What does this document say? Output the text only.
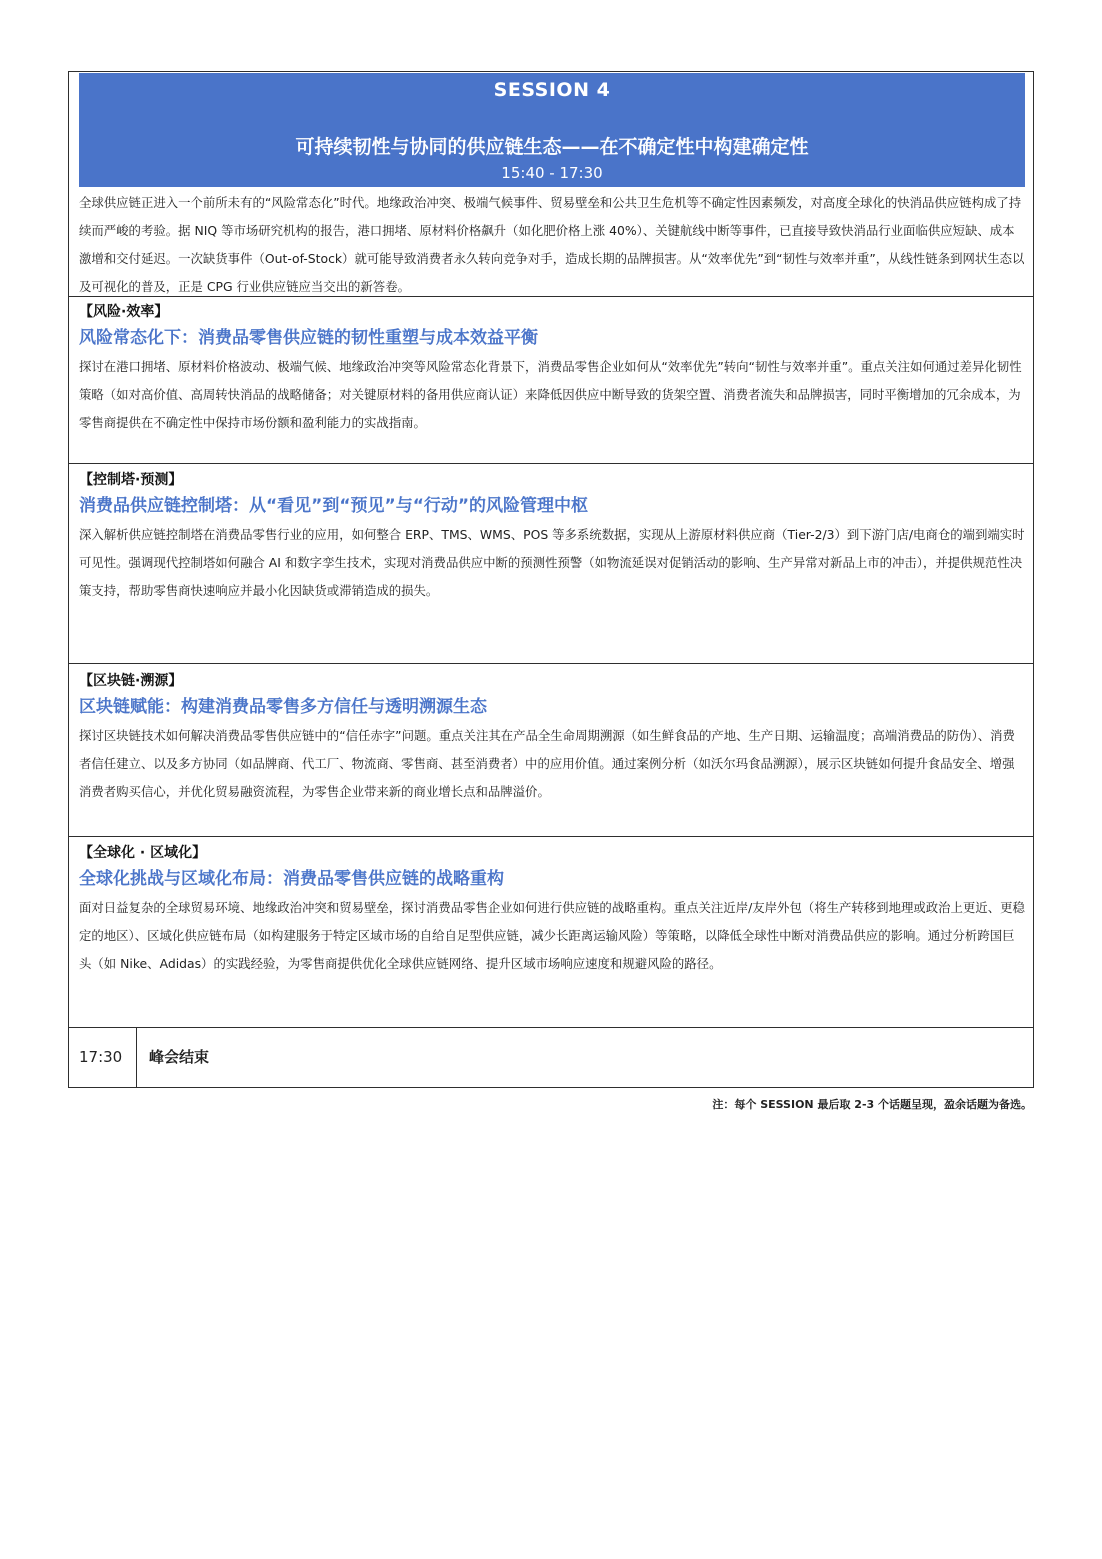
SESSION 4
可持续韧性与协同的供应链生态——在不确定性中构建确定性
15:40 - 17:30
全球供应链正进入一个前所未有的“风险常态化”时代。地缘政治冲突、极端气候事件、贸易壁垒和公共卫生危机等不确定性因素频发，对高度全球化的快消品供应链构成了持续而严峻的考验。据 NIQ 等市场研究机构的报告，港口拥堵、原材料价格飙升（如化肥价格上涨 40%）、关键航线中断等事件，已直接导致快消品行业面临供应短缺、成本激增和交付延迟。一次缺货事件（Out-of-Stock）就可能导致消费者永久转向竞争对手，造成长期的品牌损害。从“效率优先”到“韧性与效率并重”，从线性链条到网状生态以及可视化的普及，正是 CPG 行业供应链应当交出的新答卷。
【风险·效率】
风险常态化下：消费品零售供应链的韧性重塑与成本效益平衡
探讨在港口拥堵、原材料价格波动、极端气候、地缘政治冲突等风险常态化背景下，消费品零售企业如何从“效率优先”转向“韧性与效率并重”。重点关注如何通过差异化韧性策略（如对高价值、高周转快消品的战略储备；对关键原材料的备用供应商认证）来降低因供应中断导致的货架空置、消费者流失和品牌损害，同时平衡增加的冗余成本，为零售商提供在不确定性中保持市场份额和盈利能力的实战指南。
【控制塔·预测】
消费品供应链控制塔：从“看见”到“预见”与“行动”的风险管理中枢
深入解析供应链控制塔在消费品零售行业的应用，如何整合 ERP、TMS、WMS、POS 等多系统数据，实现从上游原材料供应商（Tier-2/3）到下游门店/电商仓的端到端实时可见性。强调现代控制塔如何融合 AI 和数字孪生技术，实现对消费品供应中断的预测性预警（如物流延误对促销活动的影响、生产异常对新品上市的冲击），并提供规范性决策支持，帮助零售商快速响应并最小化因缺货或滞销造成的损失。
【区块链·溯源】
区块链赋能：构建消费品零售多方信任与透明溯源生态
探讨区块链技术如何解决消费品零售供应链中的“信任赤字”问题。重点关注其在产品全生命周期溯源（如生鲜食品的产地、生产日期、运输温度；高端消费品的防伪）、消费者信任建立、以及多方协同（如品牌商、代工厂、物流商、零售商、甚至消费者）中的应用价值。通过案例分析（如沃尔玛食品溯源），展示区块链如何提升食品安全、增强消费者购买信心，并优化贸易融资流程，为零售企业带来新的商业增长点和品牌溢价。
【全球化 · 区域化】
全球化挑战与区域化布局：消费品零售供应链的战略重构
面对日益复杂的全球贸易环境、地缘政治冲突和贸易壁垒，探讨消费品零售企业如何进行供应链的战略重构。重点关注近岸/友岸外包（将生产转移到地理或政治上更近、更稳定的地区）、区域化供应链布局（如构建服务于特定区域市场的自给自足型供应链，减少长距离运输风险）等策略，以降低全球性中断对消费品供应的影响。通过分析跨国巨头（如 Nike、Adidas）的实践经验，为零售商提供优化全球供应链网络、提升区域市场响应速度和规避风险的路径。
17:30 峰会结束
注：每个 SESSION 最后取 2-3 个话题呈现，盈余话题为备选。
